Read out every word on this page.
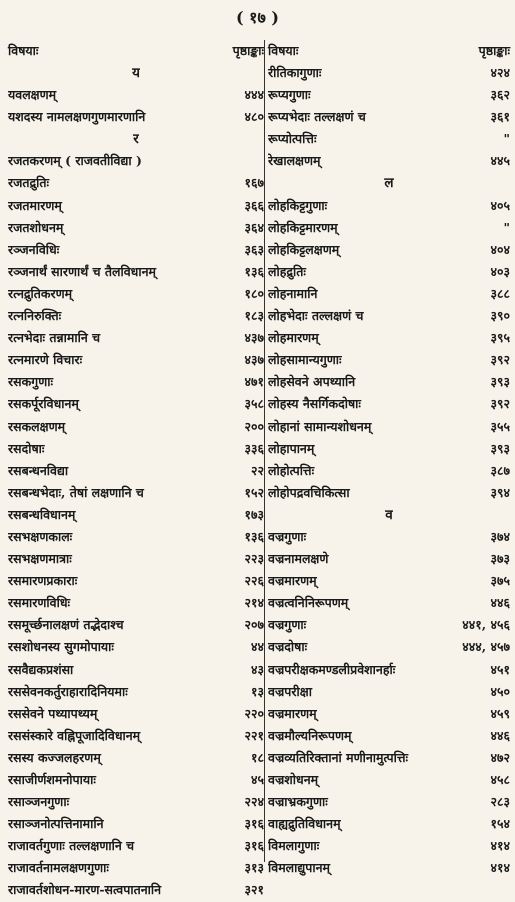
( १७ )
विषयाः	पृष्ठाङ्काः
य
यवलक्षणम्	४४४
यशदस्य नामलक्षणगुणमारणानि	४८०
र
रजतकरणम् ( राजवतीविद्या )
रजतद्रुतिः	१६७
रजतमारणम्	३६६
रजतशोधनम्	३६४
रञ्जनविधिः	३६३
रञ्जनार्थं सारणार्थं च तैलविधानम्	१३६
रत्नद्रुतिकरणम्	१८०
रत्ननिरुक्तिः	१८३
रत्नभेदाः तन्नामानि च	४३७
रत्नमारणे विचारः	४३७
रसकगुणाः	४७१
रसकर्पूरविधानम्	३५८
रसकलक्षणम्	२००
रसदोषाः	३३६
रसबन्धनविद्या	२२
रसबन्धभेदाः, तेषां लक्षणानि च	१५२
रसबन्धविधानम्	१७३
रसभक्षणकालः	१३६
रसभक्षणमात्राः	२२३
रसमारणप्रकाराः	२२६
रसमारणविधिः	२१४
रसमूर्च्छनालक्षणं तद्भेदाश्च	२०७
रसशोधनस्य सुगमोपायाः	४४
रसवैद्यकप्रशंसा	४३
रससेवनकर्तुराहारादिनियमाः	१३
रससेवने पथ्यापथ्यम्	२२०
रससंस्कारे वह्निपूजादिविधानम्	२२१
रसस्य कज्जलहरणम्	१८
रसाजीर्णशमनोपायाः	४५
रसाञ्जनगुणाः	२२४
रसाञ्जनोत्पत्तिनामानि	३१६
राजावर्तगुणाः तल्लक्षणानि च	३१६
राजावर्तनामलक्षणगुणाः	३१३
राजावर्तशोधन-मारण-सत्वपातनानि	३२१
विषयाः	पृष्ठाङ्काः
रीतिकागुणाः	४२४
रूप्यगुणाः	३६२
रूप्यभेदाः तल्लक्षणं च	३६१
रूप्योत्पत्तिः	"
रेखालक्षणम्	४४५
ल
लोहकिट्टगुणाः	४०५
लोहकिट्टमारणम्	"
लोहकिट्टलक्षणम्	४०४
लोहद्रुतिः	४०३
लोहनामानि	३८८
लोहभेदाः तल्लक्षणं च	३९०
लोहमारणम्	३९५
लोहसामान्यगुणाः	३९२
लोहसेवने अपथ्यानि	३९३
लोहस्य नैसर्गिकदोषाः	३९२
लोहानां सामान्यशोधनम्	३५५
लोहापानम्	३९३
लोहोत्पत्तिः	३८७
लोहोपद्रवचिकित्सा	३९४
व
वज्रगुणाः	३७४
वज्रनामलक्षणे	३७३
वज्रमारणम्	३७५
वज्रत्वनिनिरूपणम्	४४६
वज्रगुणाः	४४१, ४५६
वज्रदोषाः	४४४, ४५७
वज्रपरीक्षकमण्डलीप्रवेशानर्हाः	४५१
वज्रपरीक्षा	४५०
वज्रमारणम्	४५९
वज्रमौल्यनिरूपणम्	४४६
वज्रव्यतिरिक्तानां मणीनामुत्पत्तिः	४७२
वज्रशोधनम्	४५८
वज्राभ्रकगुणाः	२८३
वाह्यद्रुतिविधानम्	१५४
विमलागुणाः	४१४
विमलाद्युपानम्	४१४
